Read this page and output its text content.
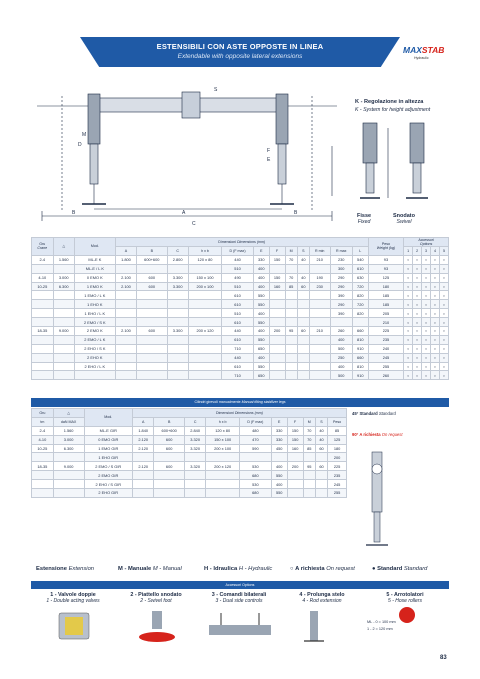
ESTENSIBILI CON ASTE OPPOSTE IN LINEA
Extendable with opposite lateral extensions
MAXSTAB
Hydraulic
C
A
B	B
S
M
D
E
F
K - Regolazione in altezza
K - System for height adjustment
Fisse
Fixed
Snodato
Swivel
Gru
Crane	△	Mod.	Dimensioni Dimensions (mm)												Peso
Weight (kg)	Accessori
Options				
			A	B	C	h x b	D (F max)	E	F	M	S	R min	R max	L		1	2	3	4	5
2-4	1.560	ML-E K	1.800	600+600	2.800	120 x 80	440	330	150	70	40	210	230	540	93	○	○	○	○	○
		ML-E / L K					510	400					300	610	93	○	○	○	○	○
4-10	3.000	0 EMO K	2.100	600	3.300	150 x 100	490	400	150	70	40	190	290	630	125	○	○	○	○	○
10-25	6.300	1 EMO K	2.100	600	3.300	200 x 100	510	400	160	85	60	230	290	720	180	○	○	○	○	○
		1 EMO / L K					610	550					390	820	185	○	○	○	○	○
		1 EHO K					610	550					290	720	185	○	○	○	○	○
		1 EHO / L K					510	400					390	820	205	○	○	○	○	○
		2 EMO / S K					610	550							210	○	○	○	○	○
18-35	9.000	2 EMO K	2.100	600	3.300	200 x 120	440	400	200	95	60	210	260	660	225	○	○	○	○	○
		2 EMO / L K					610	550					400	810	235	○	○	○	○	○
		2 EHO / S K					710	650					500	910	240	○	○	○	○	○
		2 EHO K					440	400					250	660	245	○	○	○	○	○
		2 EHO / L K					610	550					400	810	255	○	○	○	○	○
							710	650					500	910	260	○	○	○	○	○
Cilindri girevoli manualmente Manual tilting stabilizer legs
Gru	△	Mod.	Dimensioni Dimensions (mm)									
tm	daN MAX		A	B	C	h x b	D (F max)	E	F	M	S	Peso
2-4	1.560	ML-E GIR	1.840	600+600	2.840	120 x 80	480	330	150	70	40	85
4-10	3.000	0 EMO GIR	2.120	600	3.320	150 x 100	470	330	150	70	40	125
10-25	6.300	1 EMO GIR	2.120	600	3.320	200 x 100	590	450	160	85	60	180
		1 EHO GIR										200
18-35	9.000	2 EMO / S GIR	2.120	600	3.320	200 x 120	530	400	200	95	60	225
		2 EMO GIR					680	550				235
		2 EHO / S GIR					530	400				245
		2 EHO GIR					680	550				255
45° Standard Standard
90° A richiesta On request
Estensione Extension	M - Manuale M - Manual	H - Idraulica H - Hydraulic	○ A richiesta On request	● Standard Standard
Accessori Options
1 - Valvole doppie
1 - Double acting valves
2 - Piattello snodato
2 - Swivel foot
3 - Comandi bilaterali
3 - Dual side controls
4 - Prolunga stelo
4 - Rod extension
5 - Arrotolatori
5 - Hose rollers
ML - 0 = 100 mm
1 - 2 = 120 mm
83
